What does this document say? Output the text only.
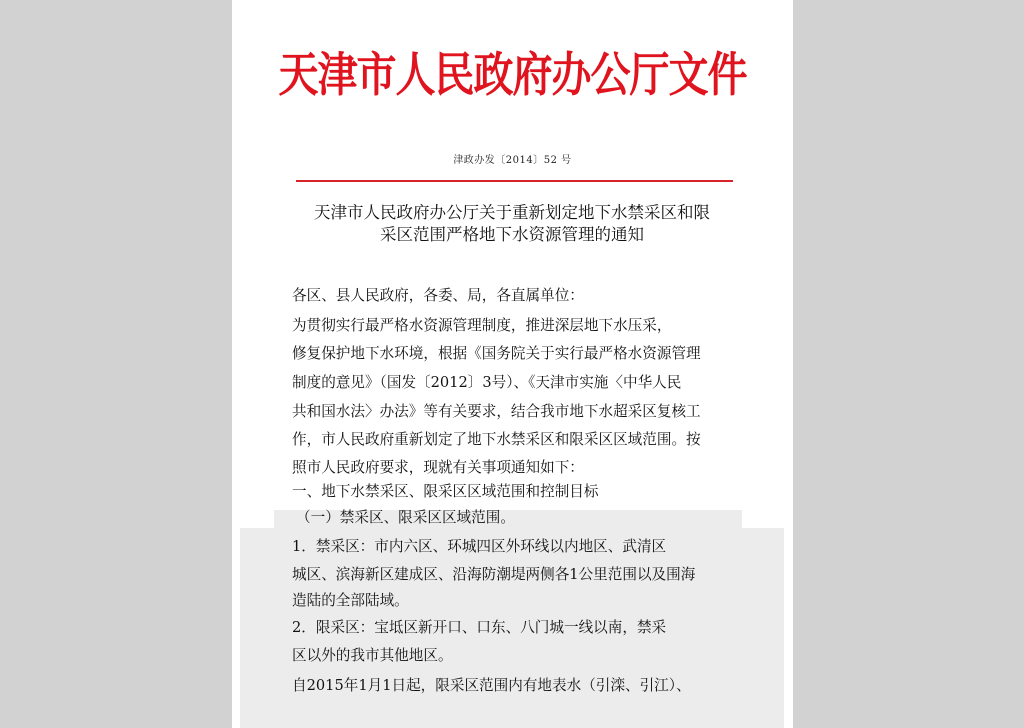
天津市人民政府办公厅文件
津政办发〔2014〕52 号
天津市人民政府办公厅关于重新划定地下水禁采区和限
采区范围严格地下水资源管理的通知
各区、县人民政府，各委、局，各直属单位：
为贯彻实行最严格水资源管理制度，推进深层地下水压采，
修复保护地下水环境，根据《国务院关于实行最严格水资源管理
制度的意见》（国发〔2012〕3号）、《天津市实施〈中华人民
共和国水法〉办法》等有关要求，结合我市地下水超采区复核工
作，市人民政府重新划定了地下水禁采区和限采区区域范围。按
照市人民政府要求，现就有关事项通知如下：
一、地下水禁采区、限采区区域范围和控制目标
（一）禁采区、限采区区域范围。
1．禁采区：市内六区、环城四区外环线以内地区、武清区
城区、滨海新区建成区、沿海防潮堤两侧各1公里范围以及围海
造陆的全部陆域。
2．限采区：宝坻区新开口、口东、八门城一线以南，禁采
区以外的我市其他地区。
自2015年1月1日起，限采区范围内有地表水（引滦、引江）、
